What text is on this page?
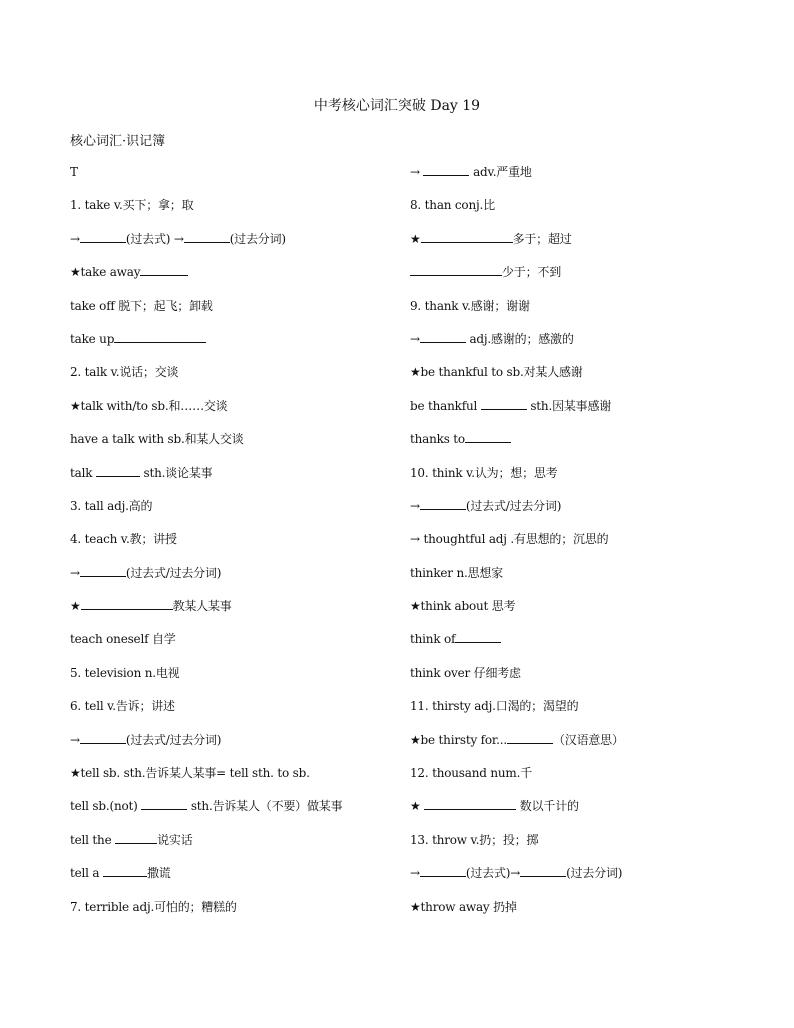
中考核心词汇突破 Day 19
核心词汇·识记簿
T
1. take v.买下；拿；取
→	(过去式) →	(过去分词)
★take away
take off 脱下；起飞；卸载
take up
2. talk v.说话；交谈
★talk with/to sb.和……交谈
have a talk with sb.和某人交谈
talk	sth.谈论某事
3. tall adj.高的
4. teach v.教；讲授
→	(过去式/过去分词)
★	教某人某事
teach oneself 自学
5. television n.电视
6. tell v.告诉；讲述
→	(过去式/过去分词)
★tell sb. sth.告诉某人某事= tell sth. to sb.
tell sb.(not)	sth.告诉某人（不要）做某事
tell the	说实话
tell a	撒谎
7. terrible adj.可怕的；糟糕的
→	adv.严重地
8. than conj.比
★	多于；超过
少于；不到
9. thank v.感谢；谢谢
→	adj.感谢的；感激的
★be thankful to sb.对某人感谢
be thankful	sth.因某事感谢
thanks to
10. think v.认为；想；思考
→	(过去式/过去分词)
→ thoughtful adj .有思想的；沉思的
thinker n.思想家
★think about 思考
think of
think over 仔细考虑
11. thirsty adj.口渴的；渴望的
★be thirsty for...	（汉语意思）
12. thousand num.千
★	数以千计的
13. throw v.扔；投；掷
→	(过去式)→	(过去分词)
★throw away 扔掉
